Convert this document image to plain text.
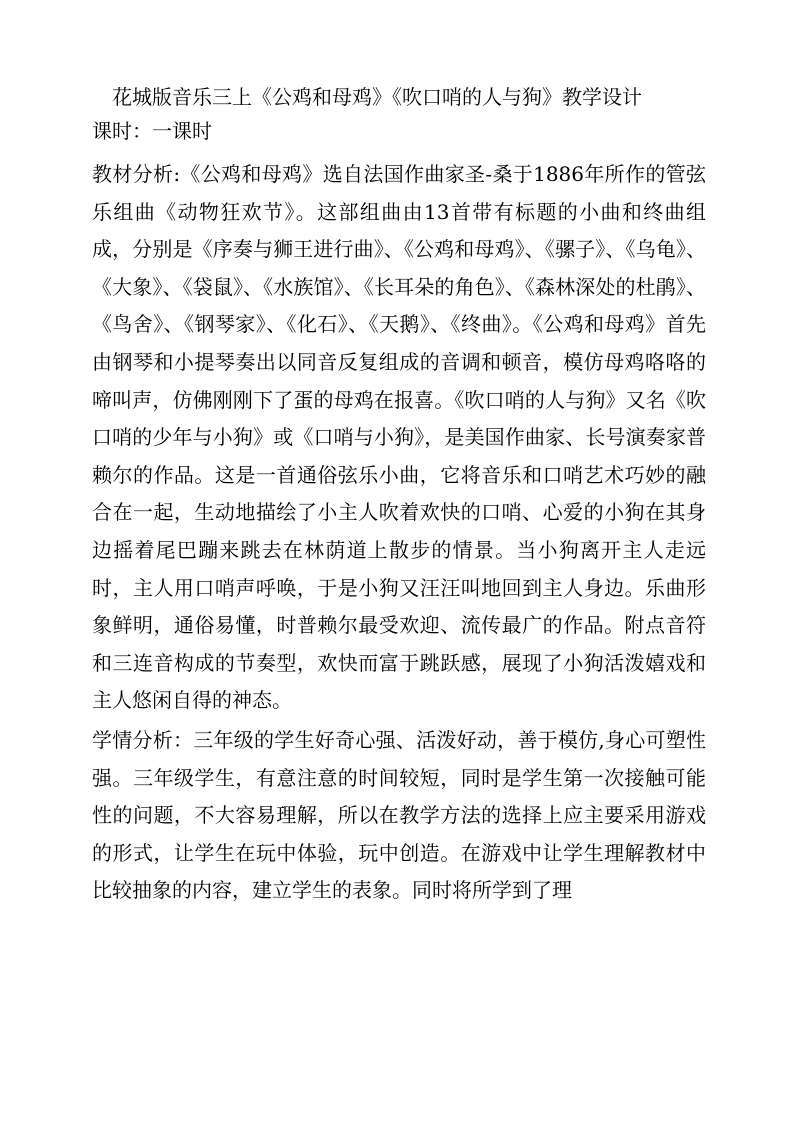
花城版音乐三上《公鸡和母鸡》《吹口哨的人与狗》教学设计
课时：一课时

教材分析:《公鸡和母鸡》选自法国作曲家圣-桑于1886年所作的管弦乐组曲《动物狂欢节》。这部组曲由13首带有标题的小曲和终曲组成，分别是《序奏与狮王进行曲》、《公鸡和母鸡》、《骡子》、《乌龟》、《大象》、《袋鼠》、《水族馆》、《长耳朵的角色》、《森林深处的杜鹃》、《鸟舍》、《钢琴家》、《化石》、《天鹅》、《终曲》。《公鸡和母鸡》首先由钢琴和小提琴奏出以同音反复组成的音调和顿音，模仿母鸡咯咯的啼叫声，仿佛刚刚下了蛋的母鸡在报喜。《吹口哨的人与狗》又名《吹口哨的少年与小狗》或《口哨与小狗》，是美国作曲家、长号演奏家普赖尔的作品。这是一首通俗弦乐小曲，它将音乐和口哨艺术巧妙的融合在一起，生动地描绘了小主人吹着欢快的口哨、心爱的小狗在其身边摇着尾巴蹦来跳去在林荫道上散步的情景。当小狗离开主人走远时，主人用口哨声呼唤，于是小狗又汪汪叫地回到主人身边。乐曲形象鲜明，通俗易懂，时普赖尔最受欢迎、流传最广的作品。附点音符和三连音构成的节奏型，欢快而富于跳跃感，展现了小狗活泼嬉戏和主人悠闲自得的神态。

学情分析：三年级的学生好奇心强、活泼好动，善于模仿,身心可塑性强。三年级学生，有意注意的时间较短，同时是学生第一次接触可能性的问题，不大容易理解，所以在教学方法的选择上应主要采用游戏的形式，让学生在玩中体验，玩中创造。在游戏中让学生理解教材中比较抽象的内容，建立学生的表象。同时将所学到了理
